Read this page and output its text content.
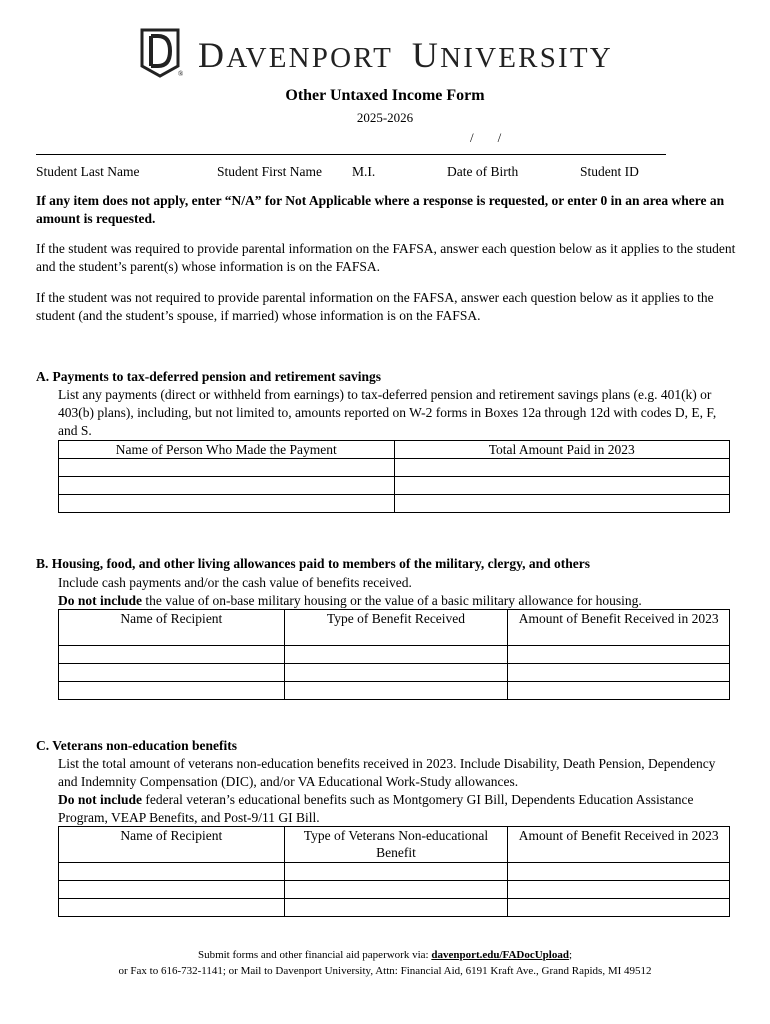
® DAVENPORT UNIVERSITY
Other Untaxed Income Form
2025-2026
/ /
Student Last Name	Student First Name M.I.	Date of Birth	Student ID
If any item does not apply, enter “N/A” for Not Applicable where a response is requested, or enter 0 in an area where an amount is requested.
If the student was required to provide parental information on the FAFSA, answer each question below as it applies to the student and the student’s parent(s) whose information is on the FAFSA.
If the student was not required to provide parental information on the FAFSA, answer each question below as it applies to the student (and the student’s spouse, if married) whose information is on the FAFSA.
A. Payments to tax-deferred pension and retirement savings
List any payments (direct or withheld from earnings) to tax-deferred pension and retirement savings plans (e.g. 401(k) or 403(b) plans), including, but not limited to, amounts reported on W-2 forms in Boxes 12a through 12d with codes D, E, F, and S.
Name of Person Who Made the Payment	Total Amount Paid in 2023

B. Housing, food, and other living allowances paid to members of the military, clergy, and others
Include cash payments and/or the cash value of benefits received.
Do not include the value of on-base military housing or the value of a basic military allowance for housing.
Name of Recipient	Type of Benefit Received	Amount of Benefit Received in 2023

C. Veterans non-education benefits
List the total amount of veterans non-education benefits received in 2023. Include Disability, Death Pension, Dependency and Indemnity Compensation (DIC), and/or VA Educational Work-Study allowances.
Do not include federal veteran’s educational benefits such as Montgomery GI Bill, Dependents Education Assistance Program, VEAP Benefits, and Post-9/11 GI Bill.
Name of Recipient	Type of Veterans Non-educational Benefit	Amount of Benefit Received in 2023

Submit forms and other financial aid paperwork via: davenport.edu/FADocUpload;
or Fax to 616-732-1141; or Mail to Davenport University, Attn: Financial Aid, 6191 Kraft Ave., Grand Rapids, MI 49512
